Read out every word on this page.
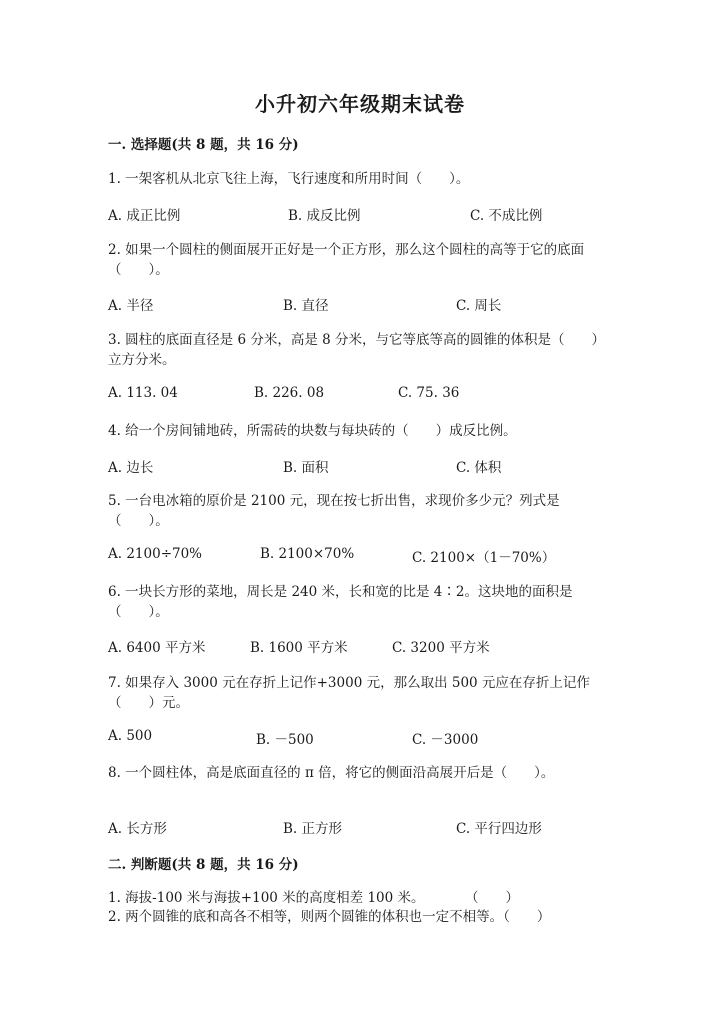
小升初六年级期末试卷
一. 选择题(共 8 题，共 16 分)
1. 一架客机从北京飞往上海，飞行速度和所用时间（　　）。
A. 成正比例	B. 成反比例	C. 不成比例
2. 如果一个圆柱的侧面展开正好是一个正方形，那么这个圆柱的高等于它的底面（　　）。
A. 半径	B. 直径	C. 周长
3. 圆柱的底面直径是 6 分米，高是 8 分米，与它等底等高的圆锥的体积是（　　）立方分米。
A. 113. 04	B. 226. 08	C. 75. 36
4. 给一个房间铺地砖，所需砖的块数与每块砖的（　　）成反比例。
A. 边长	B. 面积	C. 体积
5. 一台电冰箱的原价是 2100 元，现在按七折出售，求现价多少元？列式是（　　）。
A. 2100÷70%	B. 2100×70%	C. 2100×（1－70%）
6. 一块长方形的菜地，周长是 240 米，长和宽的比是 4∶2。这块地的面积是（　　）。
A. 6400 平方米	B. 1600 平方米	C. 3200 平方米
7. 如果存入 3000 元在存折上记作+3000 元，那么取出 500 元应在存折上记作（　　）元。
A. 500	B. －500	C. －3000
8. 一个圆柱体，高是底面直径的 π 倍，将它的侧面沿高展开后是（　　）。
A. 长方形	B. 正方形	C. 平行四边形
二. 判断题(共 8 题，共 16 分)
1. 海拔-100 米与海拔+100 米的高度相差 100 米。　　　　（　　）
2. 两个圆锥的底和高各不相等，则两个圆锥的体积也一定不相等。（　　）
